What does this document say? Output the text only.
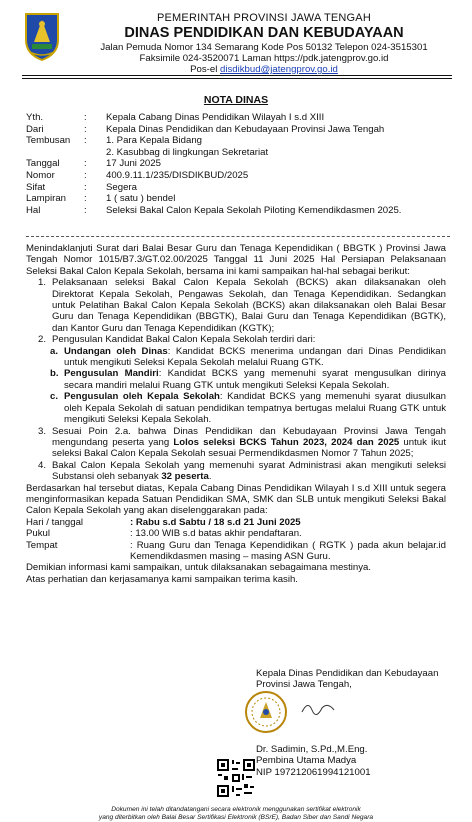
PEMERINTAH PROVINSI JAWA TENGAH
DINAS PENDIDIKAN DAN KEBUDAYAAN
Jalan Pemuda Nomor 134 Semarang Kode Pos 50132 Telepon 024-3515301
Faksimile 024-3520071 Laman https://pdk.jatengprov.go.id
Pos-el disdikbud@jatengprov.go.id
NOTA DINAS
Yth.	:	Kepala Cabang Dinas Pendidikan Wilayah I s.d XIII
Dari	:	Kepala Dinas Pendidikan dan Kebudayaan Provinsi Jawa Tengah
Tembusan	:	1. Para Kepala Bidang
2. Kasubbag di lingkungan Sekretariat
Tanggal	:	17 Juni 2025
Nomor	:	400.9.11.1/235/DISDIKBUD/2025
Sifat	:	Segera
Lampiran	:	1 ( satu ) bendel
Hal	:	Seleksi Bakal Calon Kepala Sekolah Piloting Kemendikdasmen 2025.

Menindaklanjuti Surat dari Balai Besar Guru dan Tenaga Kependidikan ( BBGTK ) Provinsi Jawa Tengah Nomor 1015/B7.3/GT.02.00/2025 Tanggal 11 Juni 2025 Hal Persiapan Pelaksanaan Seleksi Bakal Calon Kepala Sekolah, bersama ini kami sampaikan hal-hal sebagai berikut:

1. Pelaksanaan seleksi Bakal Calon Kepala Sekolah (BCKS) akan dilaksanakan oleh Direktorat Kepala Sekolah, Pengawas Sekolah, dan Tenaga Kependidikan. Sedangkan untuk Pelatihan Bakal Calon Kepala Sekolah (BCKS) akan dilaksanakan oleh Balai Besar Guru dan Tenaga Kependidikan (BBGTK), Balai Guru dan Tenaga Kependidikan (BGTK), dan Kantor Guru dan Tenaga Kependidikan (KGTK);
2. Pengusulan Kandidat Bakal Calon Kepala Sekolah terdiri dari:
a. Undangan oleh Dinas: Kandidat BCKS menerima undangan dari Dinas Pendidikan untuk mengikuti Seleksi Kepala Sekolah melalui Ruang GTK.
b. Pengusulan Mandiri: Kandidat BCKS yang memenuhi syarat mengusulkan dirinya secara mandiri melalui Ruang GTK untuk mengikuti Seleksi Kepala Sekolah.
c. Pengusulan oleh Kepala Sekolah: Kandidat BCKS yang memenuhi syarat diusulkan oleh Kepala Sekolah di satuan pendidikan tempatnya bertugas melalui Ruang GTK untuk mengikuti Seleksi Kepala Sekolah.
3. Sesuai Poin 2.a. bahwa Dinas Pendidikan dan Kebudayaan Provinsi Jawa Tengah mengundang peserta yang Lolos seleksi BCKS Tahun 2023, 2024 dan 2025 untuk ikut seleksi Bakal Calon Kepala Sekolah sesuai Permendikdasmen Nomor 7 Tahun 2025;
4. Bakal Calon Kepala Sekolah yang memenuhi syarat Administrasi akan mengikuti seleksi Substansi oleh sebanyak 32 peserta.

Berdasarkan hal tersebut diatas, Kepala Cabang Dinas Pendidikan Wilayah I s.d XIII untuk segera menginformasikan kepada Satuan Pendidikan SMA, SMK dan SLB untuk mengikuti Seleksi Bakal Calon Kepala Sekolah yang akan diselenggarakan pada:

Hari / tanggal	: Rabu s.d Sabtu / 18 s.d 21 Juni 2025
Pukul	: 13.00 WIB s.d batas akhir pendaftaran.
Tempat	: Ruang Guru dan Tenaga Kependidikan ( RGTK ) pada akun belajar.id Kemendikdasmen masing – masing ASN Guru.

Demikian informasi kami sampaikan, untuk dilaksanakan sebagaimana mestinya.

Atas perhatian dan kerjasamanya kami sampaikan terima kasih.

Kepala Dinas Pendidikan dan Kebudayaan
Provinsi Jawa Tengah,
Dr. Sadimin, S.Pd.,M.Eng.
Pembina Utama Madya
NIP 197212061994121001
Dokumen ini telah ditandatangani secara elektronik menggunakan sertifikat elektronik
yang diterbitkan oleh Balai Besar Sertifikasi Elektronik (BSrE), Badan Siber dan Sandi Negara
